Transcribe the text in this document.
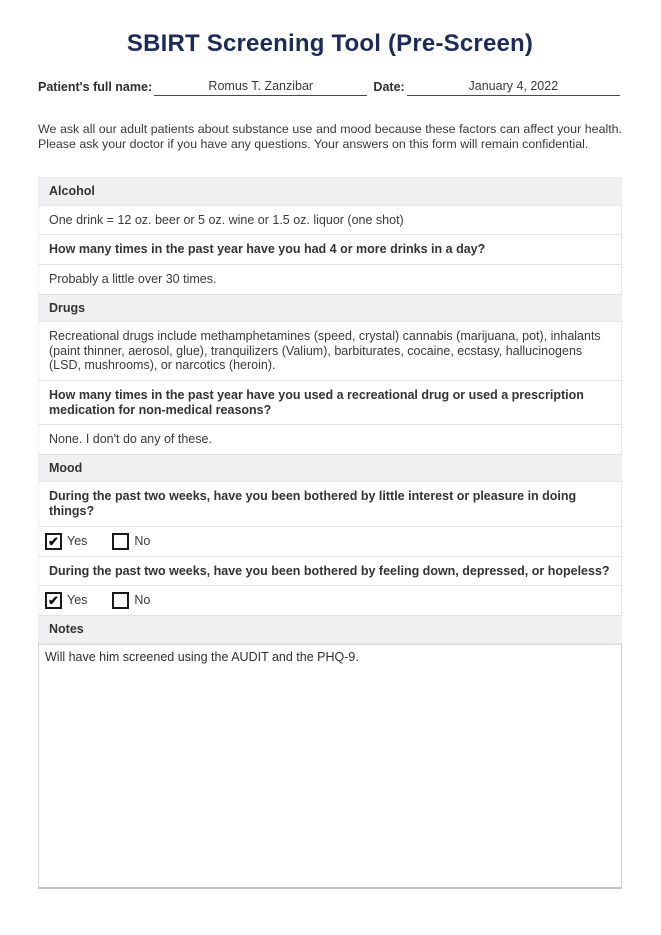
SBIRT Screening Tool (Pre-Screen)
Patient's full name:	Romus T. Zanzibar	Date:	January 4, 2022

We ask all our adult patients about substance use and mood because these factors can affect your health. Please ask your doctor if you have any questions. Your answers on this form will remain confidential.

Alcohol
One drink = 12 oz. beer or 5 oz. wine or 1.5 oz. liquor (one shot)
How many times in the past year have you had 4 or more drinks in a day?
Probably a little over 30 times.
Drugs
Recreational drugs include methamphetamines (speed, crystal) cannabis (marijuana, pot), inhalants (paint thinner, aerosol, glue), tranquilizers (Valium), barbiturates, cocaine, ecstasy, hallucinogens (LSD, mushrooms), or narcotics (heroin).
How many times in the past year have you used a recreational drug or used a prescription medication for non-medical reasons?
None. I don't do any of these.
Mood
During the past two weeks, have you been bothered by little interest or pleasure in doing things?
✔ Yes	No
During the past two weeks, have you been bothered by feeling down, depressed, or hopeless?
✔ Yes	No
Notes
Will have him screened using the AUDIT and the PHQ-9.
